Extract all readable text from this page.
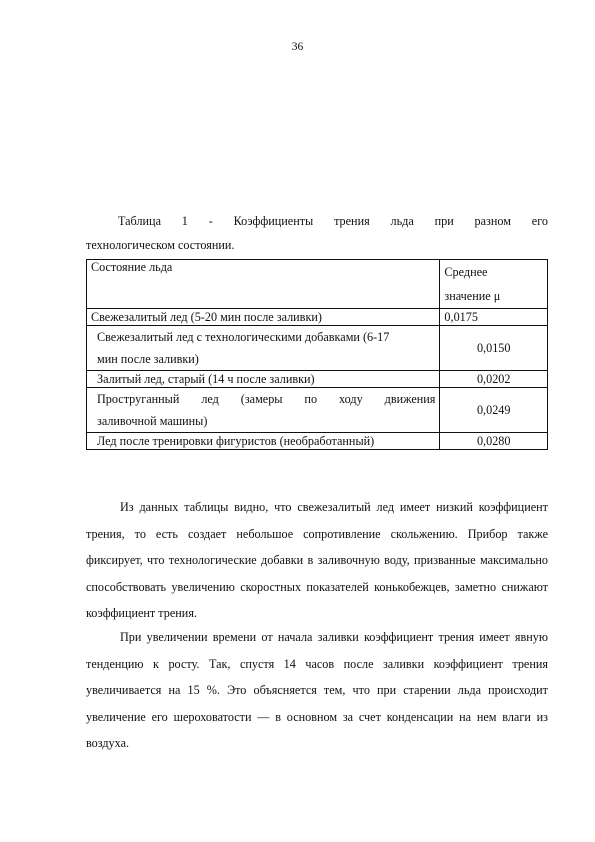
36
Таблица 1 - Коэффициенты трения льда при разном его
технологическом состоянии.
Состояние льда	Среднее
значение μ

Свежезалитый лед (5-20 мин после заливки)	0,0175

Свежезалитый лед с технологическими добавками (6-17
мин после заливки)	0,0150
Залитый лед, старый (14 ч после заливки)	0,0202

Проструганный лед (замеры по ходу движения
заливочной машины)	0,0249
Лед после тренировки фигуристов (необработанный)	0,0280

Из данных таблицы видно, что свежезалитый лед имеет низкий коэффициент трения, то есть создает небольшое сопротивление скольжению. Прибор также фиксирует, что технологические добавки в заливочную воду, призванные максимально способствовать увеличению скоростных показателей конькобежцев, заметно снижают коэффициент трения.

При увеличении времени от начала заливки коэффициент трения имеет явную тенденцию к росту. Так, спустя 14 часов после заливки коэффициент трения увеличивается на 15 %. Это объясняется тем, что при старении льда происходит увеличение его шероховатости — в основном за счет конденсации на нем влаги из воздуха.
